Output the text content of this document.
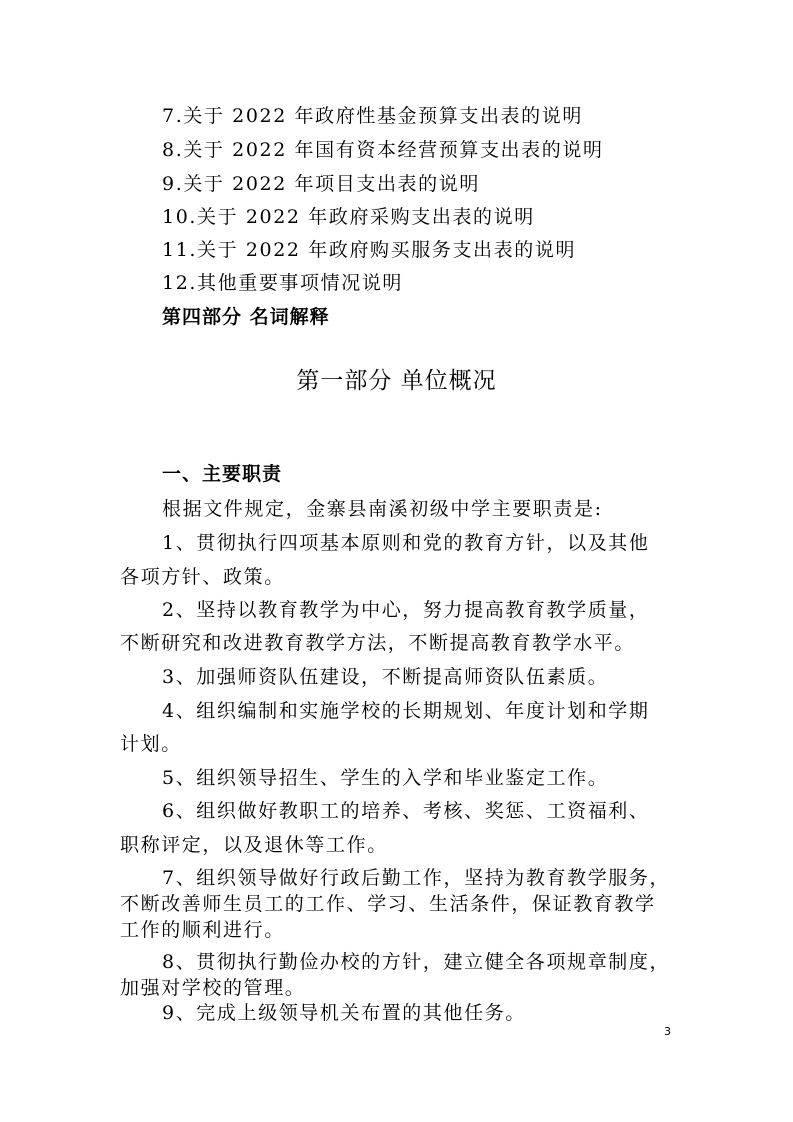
7.关于 2022 年政府性基金预算支出表的说明
8.关于 2022 年国有资本经营预算支出表的说明
9.关于 2022 年项目支出表的说明
10.关于 2022 年政府采购支出表的说明
11.关于 2022 年政府购买服务支出表的说明
12.其他重要事项情况说明
第四部分 名词解释
第一部分 单位概况
一、主要职责
根据文件规定，金寨县南溪初级中学主要职责是:
1、贯彻执行四项基本原则和党的教育方针，以及其他
各项方针、政策。
2、坚持以教育教学为中心，努力提高教育教学质量，
不断研究和改进教育教学方法，不断提高教育教学水平。
3、加强师资队伍建设，不断提高师资队伍素质。
4、组织编制和实施学校的长期规划、年度计划和学期
计划。
5、组织领导招生、学生的入学和毕业鉴定工作。
6、组织做好教职工的培养、考核、奖惩、工资福利、
职称评定，以及退休等工作。
7、组织领导做好行政后勤工作，坚持为教育教学服务，
不断改善师生员工的工作、学习、生活条件，保证教育教学
工作的顺利进行。
8、贯彻执行勤俭办校的方针，建立健全各项规章制度，
加强对学校的管理。
9、完成上级领导机关布置的其他任务。
3
